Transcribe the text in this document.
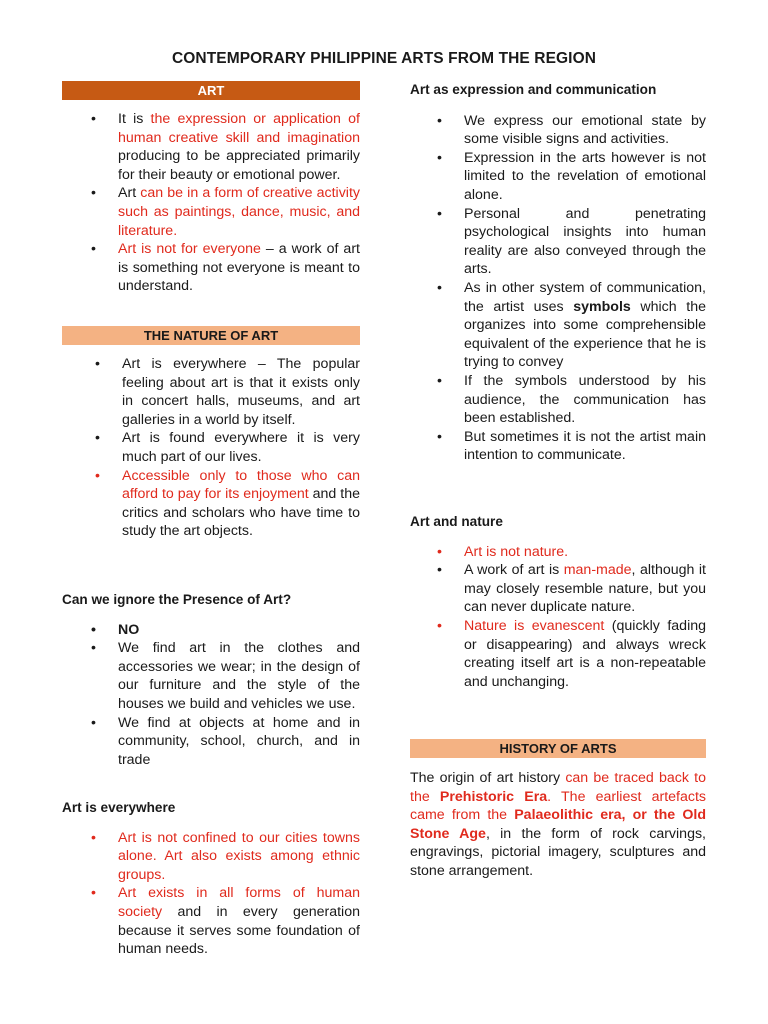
CONTEMPORARY PHILIPPINE ARTS FROM THE REGION
ART
• It is the expression or application of human creative skill and imagination producing to be appreciated primarily for their beauty or emotional power.
• Art can be in a form of creative activity such as paintings, dance, music, and literature.
• Art is not for everyone – a work of art is something not everyone is meant to understand.
THE NATURE OF ART
• Art is everywhere – The popular feeling about art is that it exists only in concert halls, museums, and art galleries in a world by itself.
• Art is found everywhere it is very much part of our lives.
• Accessible only to those who can afford to pay for its enjoyment and the critics and scholars who have time to study the art objects.
Can we ignore the Presence of Art?
• NO
• We find art in the clothes and accessories we wear; in the design of our furniture and the style of the houses we build and vehicles we use.
• We find at objects at home and in community, school, church, and in trade
Art is everywhere
• Art is not confined to our cities towns alone. Art also exists among ethnic groups.
• Art exists in all forms of human society and in every generation because it serves some foundation of human needs.
Art as expression and communication
• We express our emotional state by some visible signs and activities.
• Expression in the arts however is not limited to the revelation of emotional alone.
• Personal and penetrating psychological insights into human reality are also conveyed through the arts.
• As in other system of communication, the artist uses symbols which the organizes into some comprehensible equivalent of the experience that he is trying to convey
• If the symbols understood by his audience, the communication has been established.
• But sometimes it is not the artist main intention to communicate.
Art and nature
• Art is not nature.
• A work of art is man-made, although it may closely resemble nature, but you can never duplicate nature.
• Nature is evanescent (quickly fading or disappearing) and always wreck creating itself art is a non-repeatable and unchanging.
HISTORY OF ARTS

The origin of art history can be traced back to the Prehistoric Era. The earliest artefacts came from the Palaeolithic era, or the Old Stone Age, in the form of rock carvings, engravings, pictorial imagery, sculptures and stone arrangement.
